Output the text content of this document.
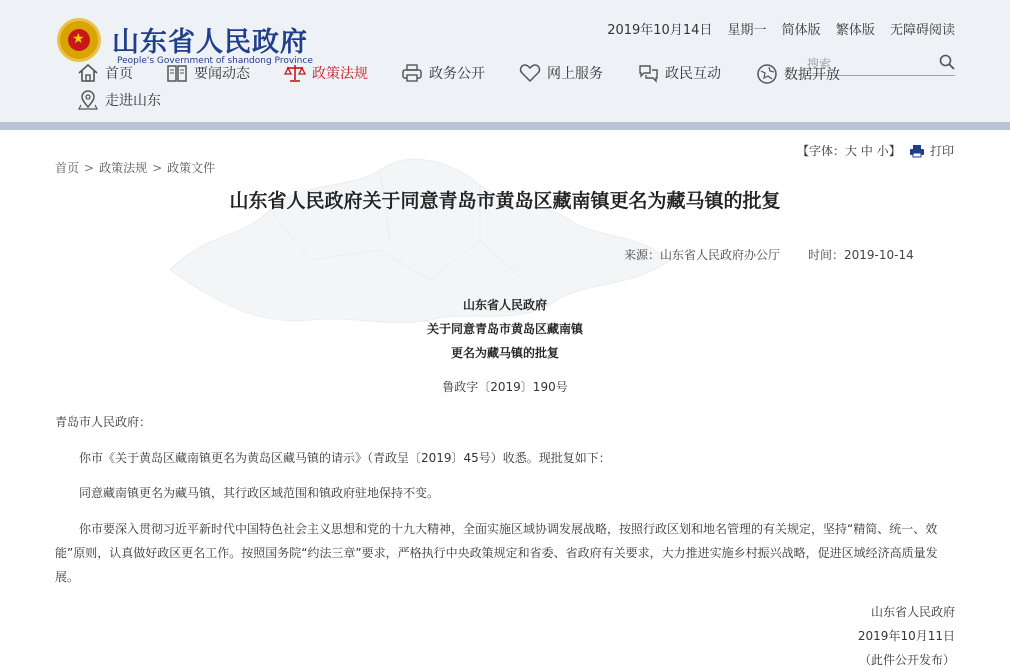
★ 山东省人民政府
People's Government of shandong Province
2019年10月14日 星期一 简体版 繁体版 无障碍阅读
搜索
首页	要闻动态	政策法规	政务公开	网上服务	政民互动	数据开放
走进山东
首页 > 政策法规 > 政策文件
【字体：大 中 小】 打印
山东省人民政府关于同意青岛市黄岛区藏南镇更名为藏马镇的批复
来源：山东省人民政府办公厅 时间：2019-10-14
山东省人民政府
关于同意青岛市黄岛区藏南镇
更名为藏马镇的批复
鲁政字〔2019〕190号
青岛市人民政府：
你市《关于黄岛区藏南镇更名为黄岛区藏马镇的请示》（青政呈〔2019〕45号）收悉。现批复如下：
同意藏南镇更名为藏马镇，其行政区域范围和镇政府驻地保持不变。
你市要深入贯彻习近平新时代中国特色社会主义思想和党的十九大精神，全面实施区域协调发展战略，按照行政区划和地名管理的有关规定，坚持“精简、统一、效能”原则，认真做好政区更名工作。按照国务院“约法三章”要求，严格执行中央政策规定和省委、省政府有关要求，大力推进实施乡村振兴战略，促进区域经济高质量发展。
山东省人民政府
2019年10月11日
（此件公开发布）
